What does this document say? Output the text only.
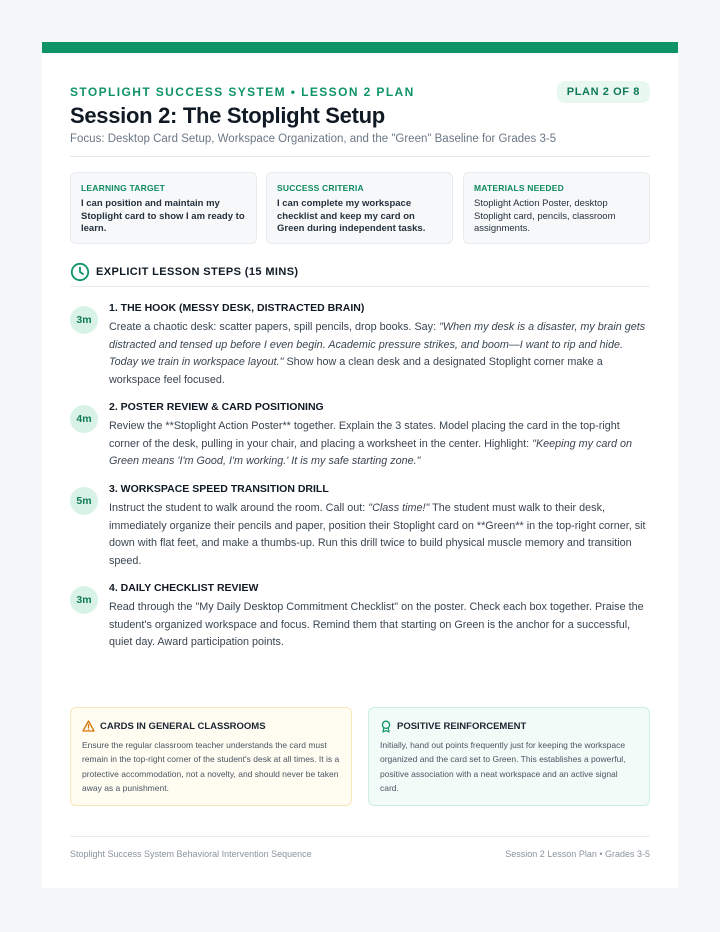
STOPLIGHT SUCCESS SYSTEM • LESSON 2 PLAN	PLAN 2 OF 8
Session 2: The Stoplight Setup
Focus: Desktop Card Setup, Workspace Organization, and the "Green" Baseline for Grades 3-5
LEARNING TARGET
I can position and maintain my Stoplight card to show I am ready to learn.
SUCCESS CRITERIA
I can complete my workspace checklist and keep my card on Green during independent tasks.
MATERIALS NEEDED
Stoplight Action Poster, desktop Stoplight card, pencils, classroom assignments.
EXPLICIT LESSON STEPS (15 MINS)
3m
1. THE HOOK (MESSY DESK, DISTRACTED BRAIN)
Create a chaotic desk: scatter papers, spill pencils, drop books. Say: "When my desk is a disaster, my brain gets distracted and tensed up before I even begin. Academic pressure strikes, and boom—I want to rip and hide. Today we train in workspace layout." Show how a clean desk and a designated Stoplight corner make a workspace feel focused.
4m
2. POSTER REVIEW & CARD POSITIONING
Review the **Stoplight Action Poster** together. Explain the 3 states. Model placing the card in the top-right corner of the desk, pulling in your chair, and placing a worksheet in the center. Highlight: "Keeping my card on Green means 'I'm Good, I'm working.' It is my safe starting zone."
5m
3. WORKSPACE SPEED TRANSITION DRILL
Instruct the student to walk around the room. Call out: "Class time!" The student must walk to their desk, immediately organize their pencils and paper, position their Stoplight card on **Green** in the top-right corner, sit down with flat feet, and make a thumbs-up. Run this drill twice to build physical muscle memory and transition speed.
3m
4. DAILY CHECKLIST REVIEW
Read through the "My Daily Desktop Commitment Checklist" on the poster. Check each box together. Praise the student's organized workspace and focus. Remind them that starting on Green is the anchor for a successful, quiet day. Award participation points.
CARDS IN GENERAL CLASSROOMS
Ensure the regular classroom teacher understands the card must remain in the top-right corner of the student's desk at all times. It is a protective accommodation, not a novelty, and should never be taken away as a punishment.
POSITIVE REINFORCEMENT
Initially, hand out points frequently just for keeping the workspace organized and the card set to Green. This establishes a powerful, positive association with a neat workspace and an active signal card.
Stoplight Success System Behavioral Intervention Sequence	Session 2 Lesson Plan • Grades 3-5
